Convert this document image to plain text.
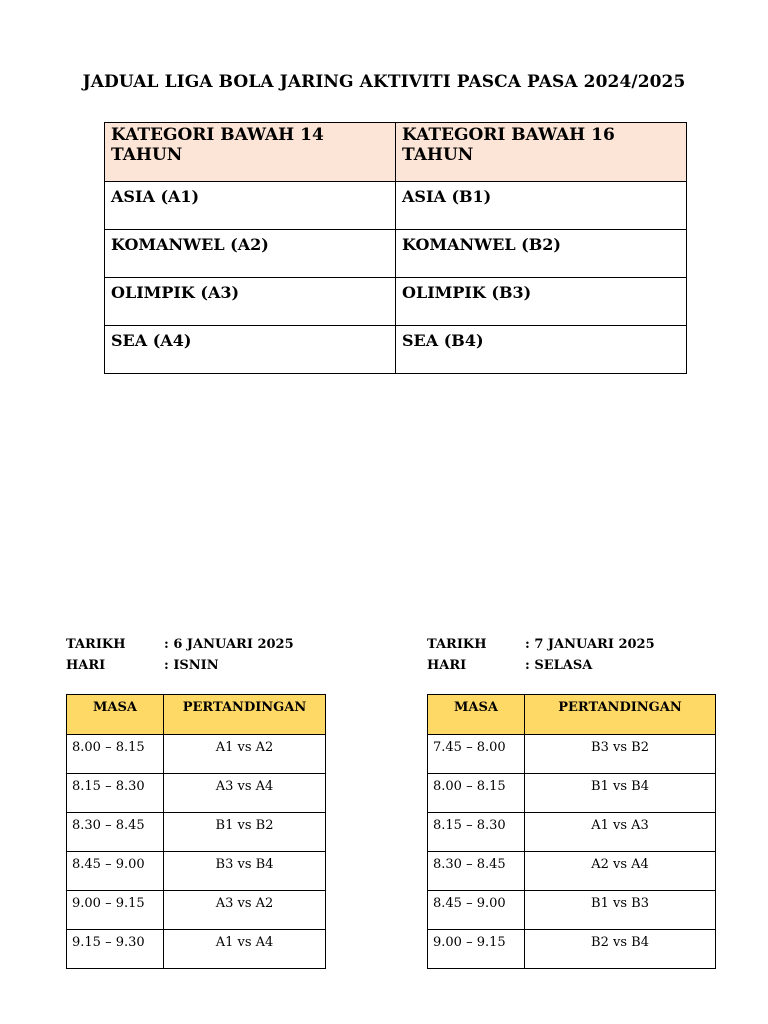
JADUAL LIGA BOLA JARING AKTIVITI PASCA PASA 2024/2025
KATEGORI BAWAH 14 TAHUN	KATEGORI BAWAH 16 TAHUN
ASIA (A1)	ASIA (B1)
KOMANWEL (A2)	KOMANWEL (B2)
OLIMPIK (A3)	OLIMPIK (B3)
SEA (A4)	SEA (B4)
TARIKH	: 6 JANUARI 2025
HARI	: ISNIN
MASA	PERTANDINGAN
8.00 – 8.15	A1 vs A2
8.15 – 8.30	A3 vs A4
8.30 – 8.45	B1 vs B2
8.45 – 9.00	B3 vs B4
9.00 – 9.15	A3 vs A2
9.15 – 9.30	A1 vs A4
TARIKH	: 7 JANUARI 2025
HARI	: SELASA
MASA	PERTANDINGAN
7.45 – 8.00	B3 vs B2
8.00 – 8.15	B1 vs B4
8.15 – 8.30	A1 vs A3
8.30 – 8.45	A2 vs A4
8.45 – 9.00	B1 vs B3
9.00 – 9.15	B2 vs B4
